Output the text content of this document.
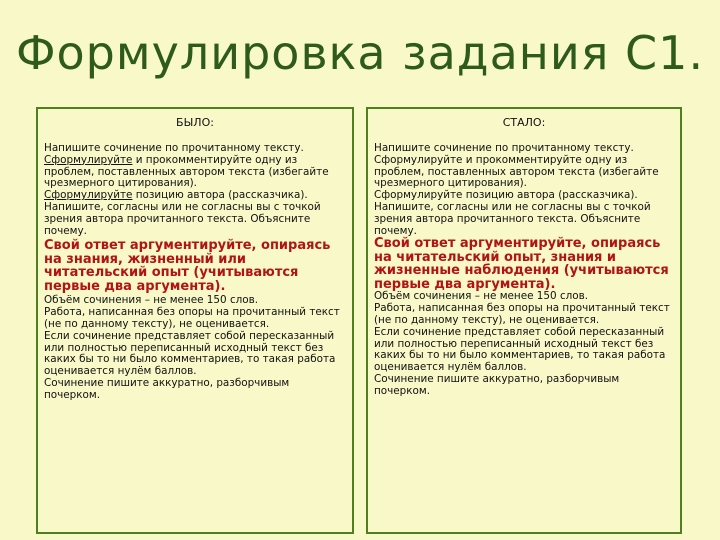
Формулировка задания С1.
БЫЛО:

Напишите сочинение по прочитанному тексту.

Сформулируйте и прокомментируйте одну из проблем, поставленных автором текста (избегайте чрезмерного цитирования).

Сформулируйте позицию автора (рассказчика). Напишите, согласны или не согласны вы с точкой зрения автора прочитанного текста. Объясните почему.

Свой ответ аргументируйте, опираясь на знания, жизненный или читательский опыт (учитываются первые два аргумента).

Объём сочинения – не менее 150 слов.

Работа, написанная без опоры на прочитанный текст (не по данному тексту), не оценивается.

Если сочинение представляет собой пересказанный или полностью переписанный исходный текст без каких бы то ни было комментариев, то такая работа оценивается нулём баллов.

Сочинение пишите аккуратно, разборчивым почерком.

СТАЛО:

Напишите сочинение по прочитанному тексту.

Сформулируйте и прокомментируйте одну из проблем, поставленных автором текста (избегайте чрезмерного цитирования).

Сформулируйте позицию автора (рассказчика). Напишите, согласны или не согласны вы с точкой зрения автора прочитанного текста. Объясните почему.

Свой ответ аргументируйте, опираясь на читательский опыт, знания и жизненные наблюдения (учитываются первые два аргумента).

Объём сочинения – не менее 150 слов.

Работа, написанная без опоры на прочитанный текст (не по данному тексту), не оценивается.

Если сочинение представляет собой пересказанный или полностью переписанный исходный текст без каких бы то ни было комментариев, то такая работа оценивается нулём баллов.

Сочинение пишите аккуратно, разборчивым почерком.
